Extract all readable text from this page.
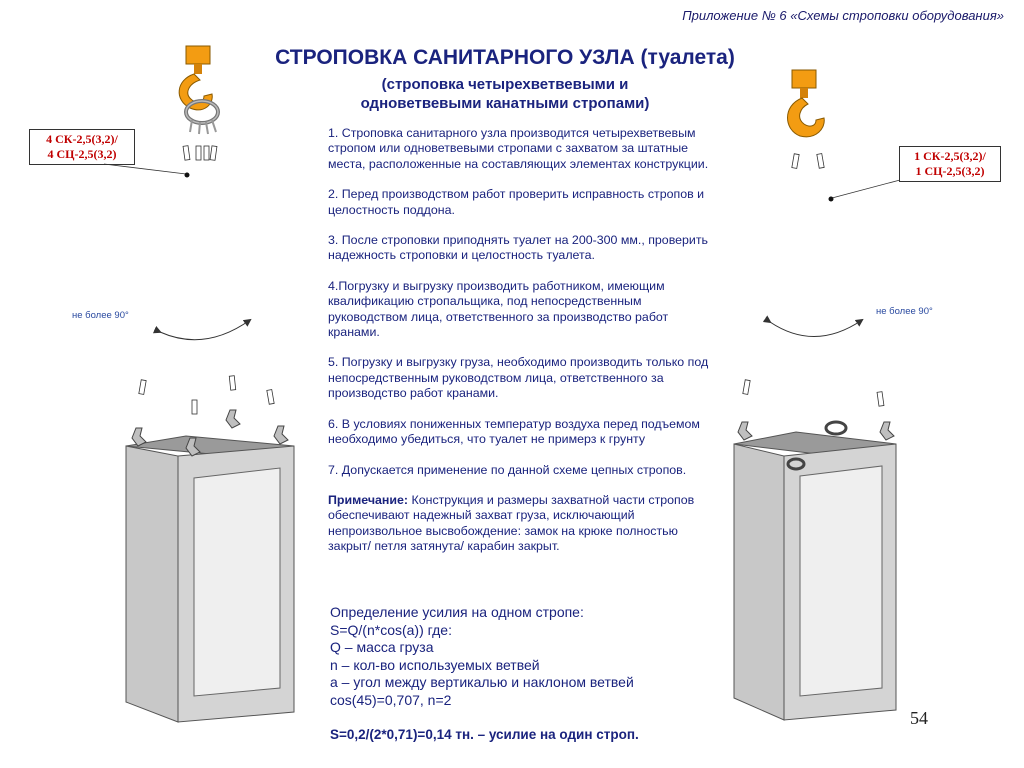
Приложение № 6 «Схемы строповки оборудования»
СТРОПОВКА САНИТАРНОГО УЗЛА (туалета)
(строповка четырехветвевыми и
одноветвевыми канатными стропами)

1. Строповка санитарного узла производится четырехветвевым стропом или одноветвевыми стропами с захватом за штатные места, расположенные на составляющих элементах конструкции.

2. Перед производством работ проверить исправность стропов и целостность поддона.

3. После строповки приподнять туалет на 200-300 мм., проверить надежность строповки и целостность туалета.

4.Погрузку и выгрузку производить работником, имеющим квалификацию стропальщика, под непосредственным руководством лица, ответственного за производство работ кранами.

5. Погрузку и выгрузку груза, необходимо производить только под непосредственным руководством лица, ответственного за производство работ кранами.

6. В условиях пониженных температур воздуха перед подъемом необходимо убедиться, что туалет не примерз к грунту

7. Допускается применение по данной схеме цепных стропов.

Примечание: Конструкция и размеры захватной части стропов обеспечивают надежный захват груза, исключающий непроизвольное высвобождение: замок на крюке полностью закрыт/ петля затянута/ карабин закрыт.

Определение усилия на одном стропе:
S=Q/(n*cos(a)) где:
Q – масса груза
n – кол-во используемых ветвей
a – угол между вертикалью и наклоном ветвей
cos(45)=0,707, n=2
S=0,2/(2*0,71)=0,14 тн. – усилие на один строп.
4 СК-2,5(3,2)/
4 СЦ-2,5(3,2)	1 СК-2,5(3,2)/
1 СЦ-2,5(3,2)
не более 90°	не более 90°
54
